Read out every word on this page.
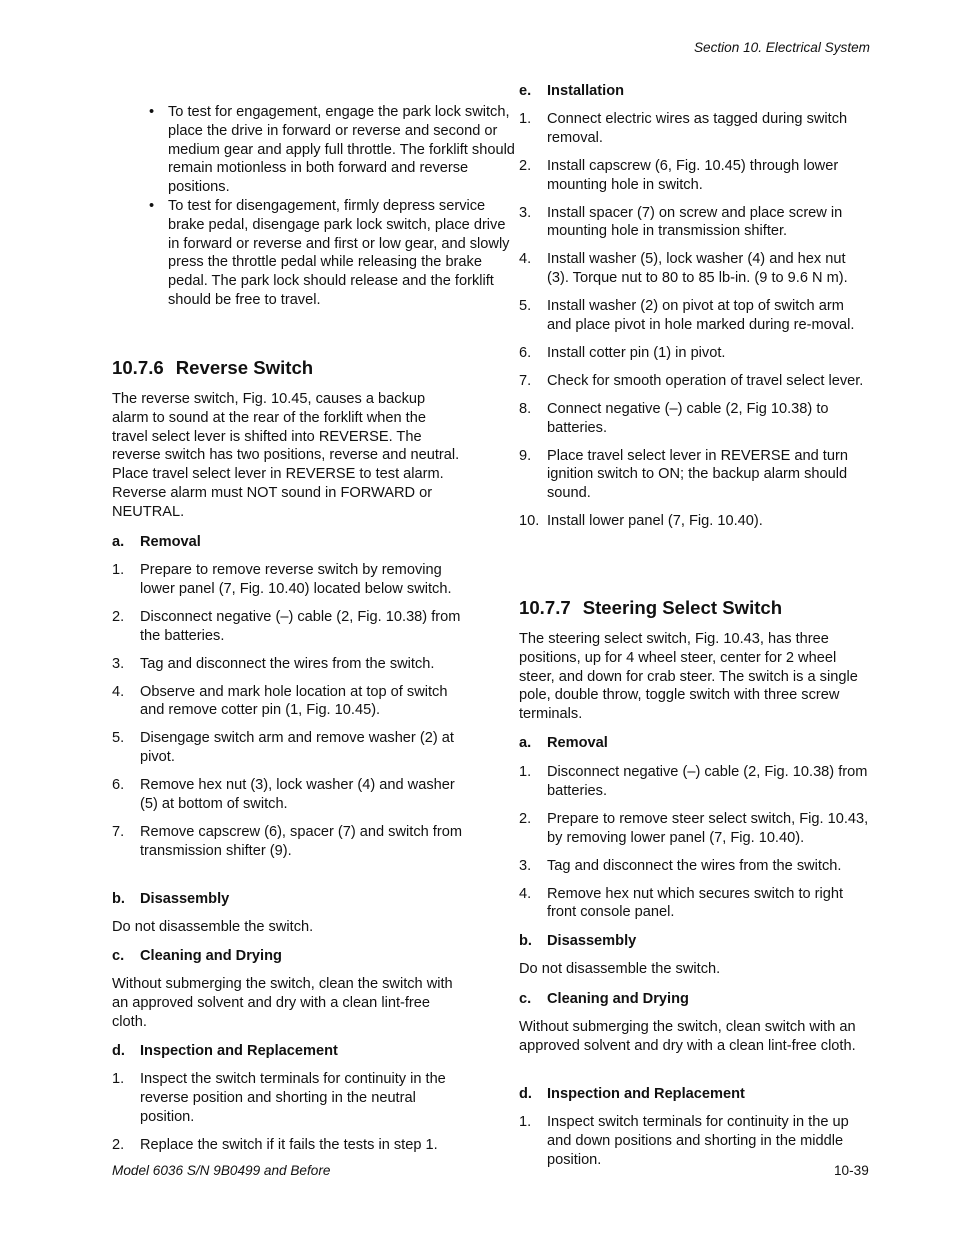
Section 10. Electrical System
• To test for engagement, engage the park lock switch, place the drive in forward or reverse and second or medium gear and apply full throttle. The forklift should remain motionless in both forward and reverse positions.
• To test for disengagement, firmly depress service brake pedal, disengage park lock switch, place drive in forward or reverse and first or low gear, and slowly press the throttle pedal while releasing the brake pedal. The park lock should release and the forklift should be free to travel.
10.7.6 Reverse Switch

The reverse switch, Fig. 10.45, causes a backup alarm to sound at the rear of the forklift when the travel select lever is shifted into REVERSE. The reverse switch has two positions, reverse and neutral. Place travel select lever in REVERSE to test alarm. Reverse alarm must NOT sound in FORWARD or NEUTRAL.

a. Removal
1. Prepare to remove reverse switch by removing lower panel (7, Fig. 10.40) located below switch.
2. Disconnect negative (–) cable (2, Fig. 10.38) from the batteries.
3. Tag and disconnect the wires from the switch.
4. Observe and mark hole location at top of switch and remove cotter pin (1, Fig. 10.45).
5. Disengage switch arm and remove washer (2) at pivot.
6. Remove hex nut (3), lock washer (4) and washer (5) at bottom of switch.
7. Remove capscrew (6), spacer (7) and switch from transmission shifter (9).
b. Disassembly

Do not disassemble the switch.

c. Cleaning and Drying

Without submerging the switch, clean the switch with an approved solvent and dry with a clean lint-free cloth.

d. Inspection and Replacement
1. Inspect the switch terminals for continuity in the reverse position and shorting in the neutral position.
2. Replace the switch if it fails the tests in step 1.
e. Installation
1. Connect electric wires as tagged during switch removal.
2. Install capscrew (6, Fig. 10.45) through lower mounting hole in switch.
3. Install spacer (7) on screw and place screw in mounting hole in transmission shifter.
4. Install washer (5), lock washer (4) and hex nut (3). Torque nut to 80 to 85 lb-in. (9 to 9.6 N m).
5. Install washer (2) on pivot at top of switch arm and place pivot in hole marked during re-moval.
6. Install cotter pin (1) in pivot.
7. Check for smooth operation of travel select lever.
8. Connect negative (–) cable (2, Fig 10.38) to batteries.
9. Place travel select lever in REVERSE and turn ignition switch to ON; the backup alarm should sound.
10. Install lower panel (7, Fig. 10.40).
10.7.7 Steering Select Switch

The steering select switch, Fig. 10.43, has three positions, up for 4 wheel steer, center for 2 wheel steer, and down for crab steer. The switch is a single pole, double throw, toggle switch with three screw terminals.

a. Removal
1. Disconnect negative (–) cable (2, Fig. 10.38) from batteries.
2. Prepare to remove steer select switch, Fig. 10.43, by removing lower panel (7, Fig. 10.40).
3. Tag and disconnect the wires from the switch.
4. Remove hex nut which secures switch to right front console panel.
b. Disassembly

Do not disassemble the switch.

c. Cleaning and Drying

Without submerging the switch, clean switch with an approved solvent and dry with a clean lint-free cloth.

d. Inspection and Replacement
1. Inspect switch terminals for continuity in the up and down positions and shorting in the middle position.
Model 6036 S/N 9B0499 and Before	10-39
